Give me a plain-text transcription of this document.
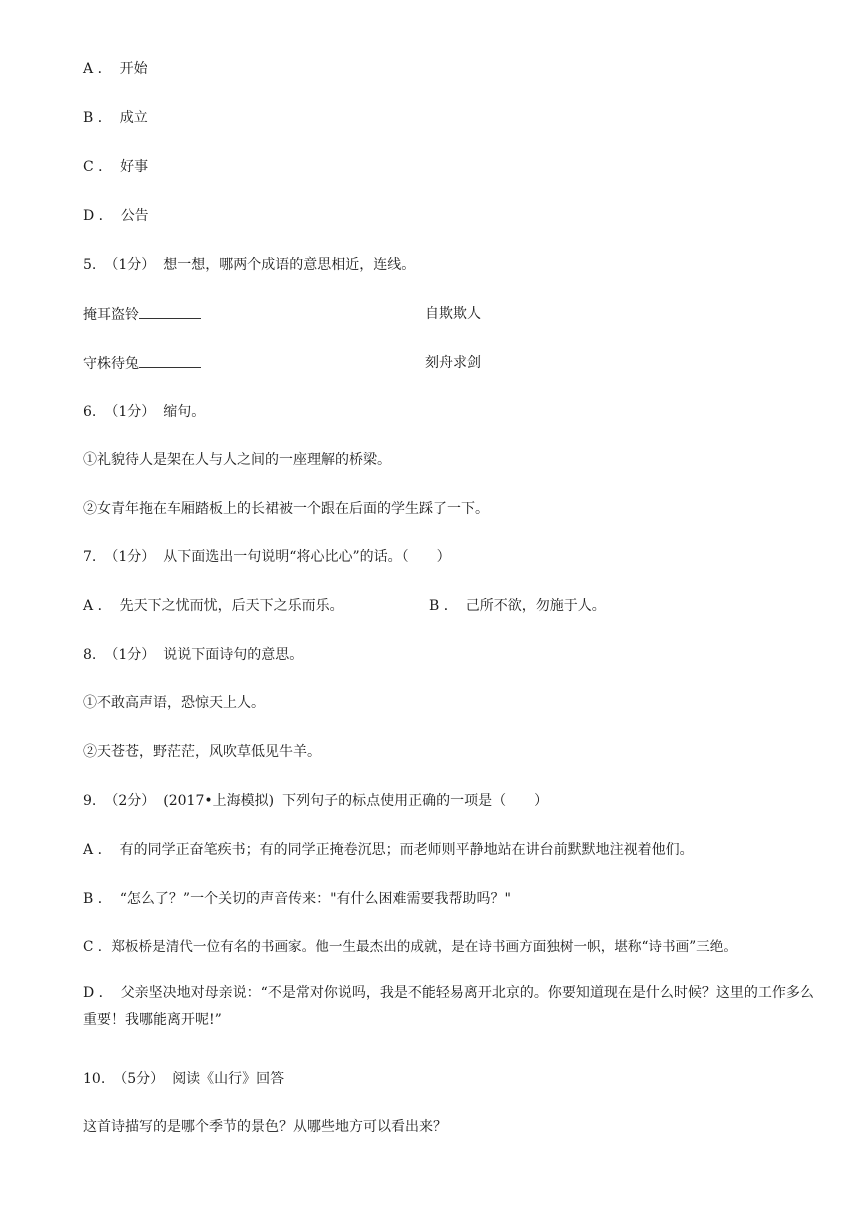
A ． 开始
B ． 成立
C ． 好事
D ． 公告
5. （1分） 想一想，哪两个成语的意思相近，连线。
掩耳盗铃	自欺欺人
守株待兔	刻舟求剑
6. （1分） 缩句。
①礼貌待人是架在人与人之间的一座理解的桥梁。
②女青年拖在车厢踏板上的长裙被一个跟在后面的学生踩了一下。
7. （1分） 从下面选出一句说明“将心比心”的话。（　　）
A ． 先天下之忧而忧，后天下之乐而乐。	B ． 己所不欲，勿施于人。
8. （1分） 说说下面诗句的意思。
①不敢高声语，恐惊天上人。
②天苍苍，野茫茫，风吹草低见牛羊。
9. （2分） (2017•上海模拟) 下列句子的标点使用正确的一项是（　　）
A ． 有的同学正奋笔疾书；有的同学正掩卷沉思；而老师则平静地站在讲台前默默地注视着他们。
B ． “怎么了？”一个关切的声音传来："有什么困难需要我帮助吗？"
C ．郑板桥是清代一位有名的书画家。他一生最杰出的成就，是在诗书画方面独树一帜，堪称“诗书画”三绝。
D ． 父亲坚决地对母亲说：“不是常对你说吗，我是不能轻易离开北京的。你要知道现在是什么时候？这里的工作多么重要！我哪能离开呢!”
10. （5分） 阅读《山行》回答
这首诗描写的是哪个季节的景色？从哪些地方可以看出来？
